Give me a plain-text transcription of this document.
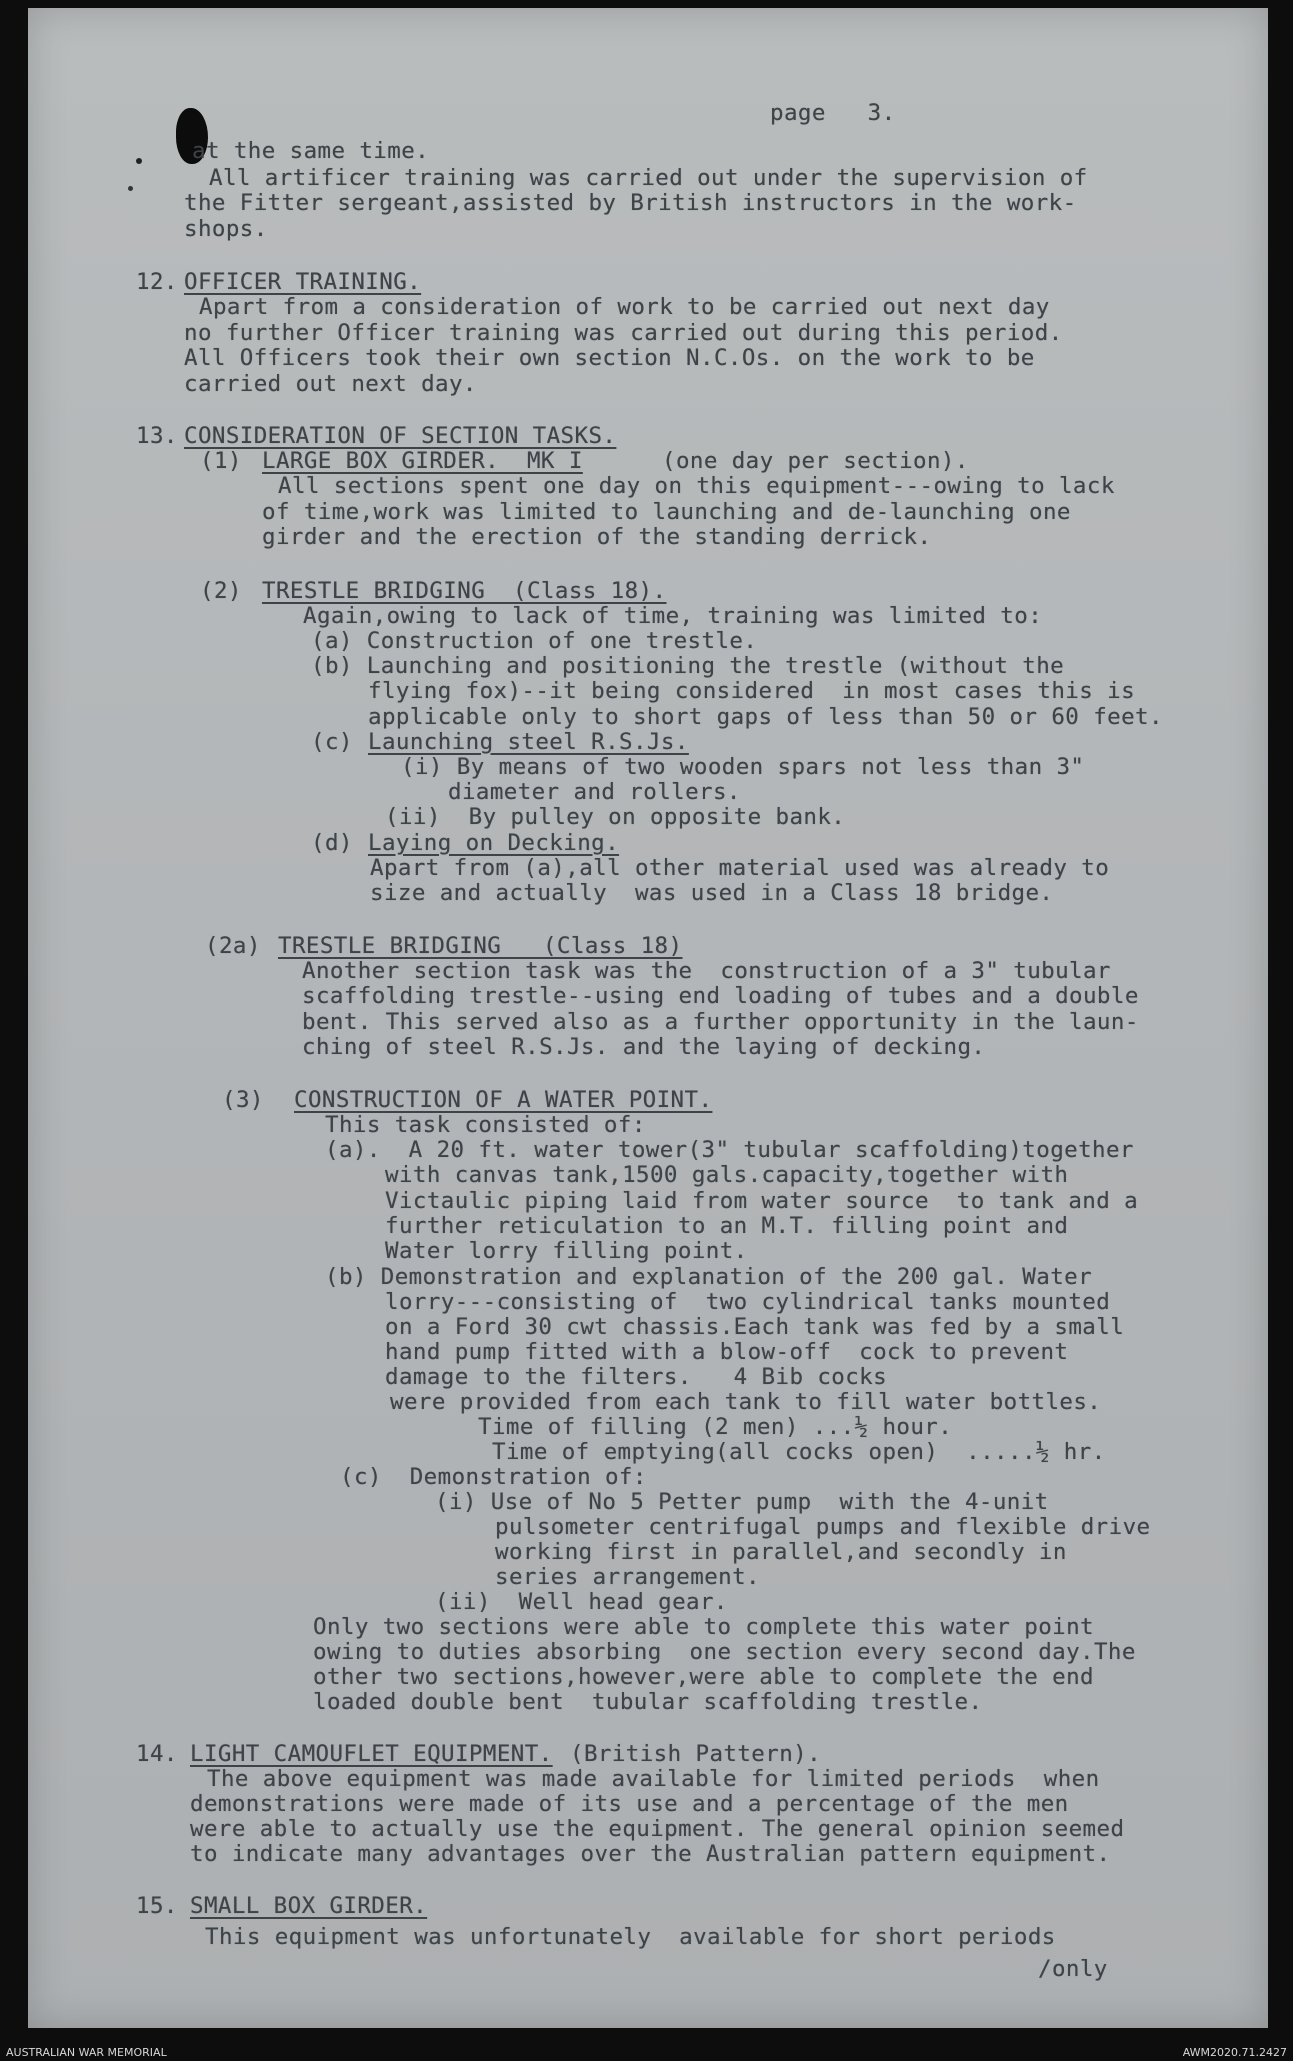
page   3.
at the same time.
All artificer training was carried out under the supervision of
the Fitter sergeant,assisted by British instructors in the work-
shops.
12. OFFICER TRAINING.
Apart from a consideration of work to be carried out next day
no further Officer training was carried out during this period.
All Officers took their own section N.C.Os. on the work to be
carried out next day.
13. CONSIDERATION OF SECTION TASKS.
(1) LARGE BOX GIRDER.  MK I	(one day per section).
All sections spent one day on this equipment---owing to lack
of time,work was limited to launching and de-launching one
girder and the erection of the standing derrick.
(2) TRESTLE BRIDGING  (Class 18).
Again,owing to lack of time, training was limited to:
(a) Construction of one trestle.
(b) Launching and positioning the trestle (without the
flying fox)--it being considered  in most cases this is
applicable only to short gaps of less than 50 or 60 feet.
(c) Launching steel R.S.Js.
(i) By means of two wooden spars not less than 3"
diameter and rollers.
(ii)  By pulley on opposite bank.
(d) Laying on Decking.
Apart from (a),all other material used was already to
size and actually  was used in a Class 18 bridge.
(2a) TRESTLE BRIDGING   (Class 18)
Another section task was the  construction of a 3" tubular
scaffolding trestle--using end loading of tubes and a double
bent. This served also as a further opportunity in the laun-
ching of steel R.S.Js. and the laying of decking.
(3) CONSTRUCTION OF A WATER POINT.
This task consisted of:
(a).  A 20 ft. water tower(3" tubular scaffolding)together
with canvas tank,1500 gals.capacity,together with
Victaulic piping laid from water source  to tank and a
further reticulation to an M.T. filling point and
Water lorry filling point.
(b) Demonstration and explanation of the 200 gal. Water
lorry---consisting of  two cylindrical tanks mounted
on a Ford 30 cwt chassis.Each tank was fed by a small
hand pump fitted with a blow-off  cock to prevent
damage to the filters.   4 Bib cocks
were provided from each tank to fill water bottles.
Time of filling (2 men) ...½ hour.
Time of emptying(all cocks open)  .....½ hr.
(c)  Demonstration of:
(i) Use of No 5 Petter pump  with the 4-unit
pulsometer centrifugal pumps and flexible drive
working first in parallel,and secondly in
series arrangement.
(ii)  Well head gear.
Only two sections were able to complete this water point
owing to duties absorbing  one section every second day.The
other two sections,however,were able to complete the end
loaded double bent  tubular scaffolding trestle.
14. LIGHT CAMOUFLET EQUIPMENT. (British Pattern).
The above equipment was made available for limited periods  when
demonstrations were made of its use and a percentage of the men
were able to actually use the equipment. The general opinion seemed
to indicate many advantages over the Australian pattern equipment.
15. SMALL BOX GIRDER.
This equipment was unfortunately  available for short periods
/only
AUSTRALIAN WAR MEMORIAL	AWM2020.71.2427
